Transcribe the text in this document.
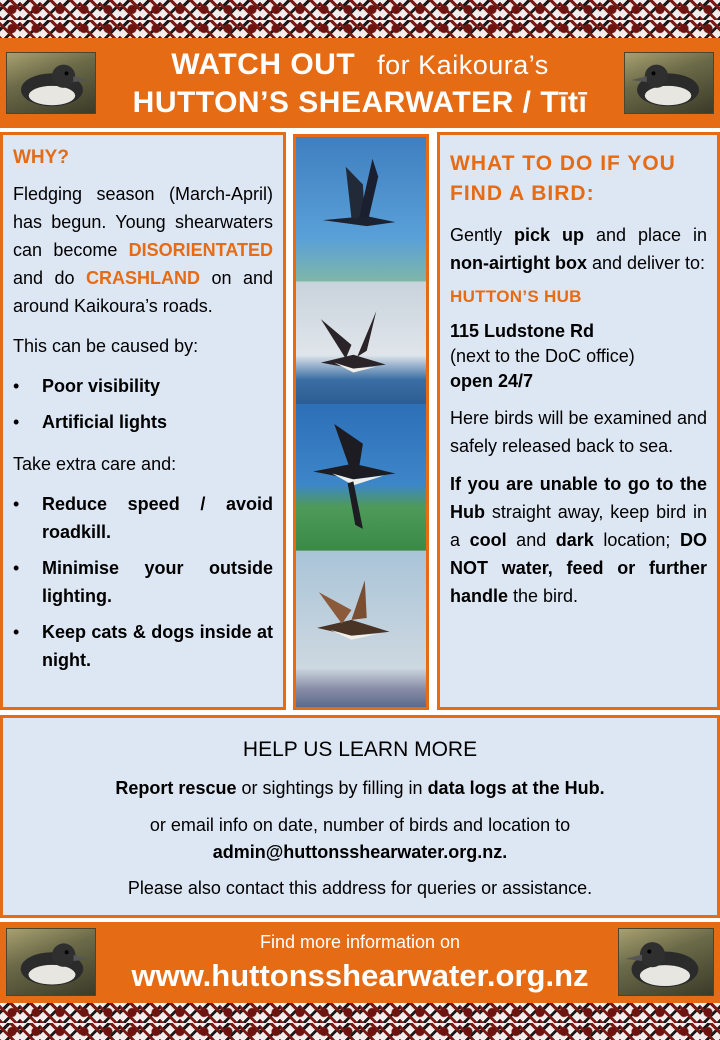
WATCH OUT for Kaikoura’s
HUTTON’S SHEARWATER / Tītī
WHY?

Fledging season (March-April) has begun. Young shearwaters can become DISORIENTATED and do CRASHLAND on and around Kaikoura’s roads.

This can be caused by:

• Poor visibility
• Artificial lights

Take extra care and:

• Reduce speed / avoid roadkill.
• Minimise your outside lighting.
• Keep cats & dogs inside at night.
WHAT TO DO IF YOU FIND A BIRD:

Gently pick up and place in non-airtight box and deliver to:

HUTTON’S HUB
115 Ludstone Rd
(next to the DoC office)
open 24/7

Here birds will be examined and safely released back to sea.

If you are unable to go to the Hub straight away, keep bird in a cool and dark location; DO NOT water, feed or further handle the bird.

HELP US LEARN MORE
Report rescue or sightings by filling in data logs at the Hub.
or email info on date, number of birds and location to
admin@huttonsshearwater.org.nz.
Please also contact this address for queries or assistance.
Find more information on
www.huttonsshearwater.org.nz
